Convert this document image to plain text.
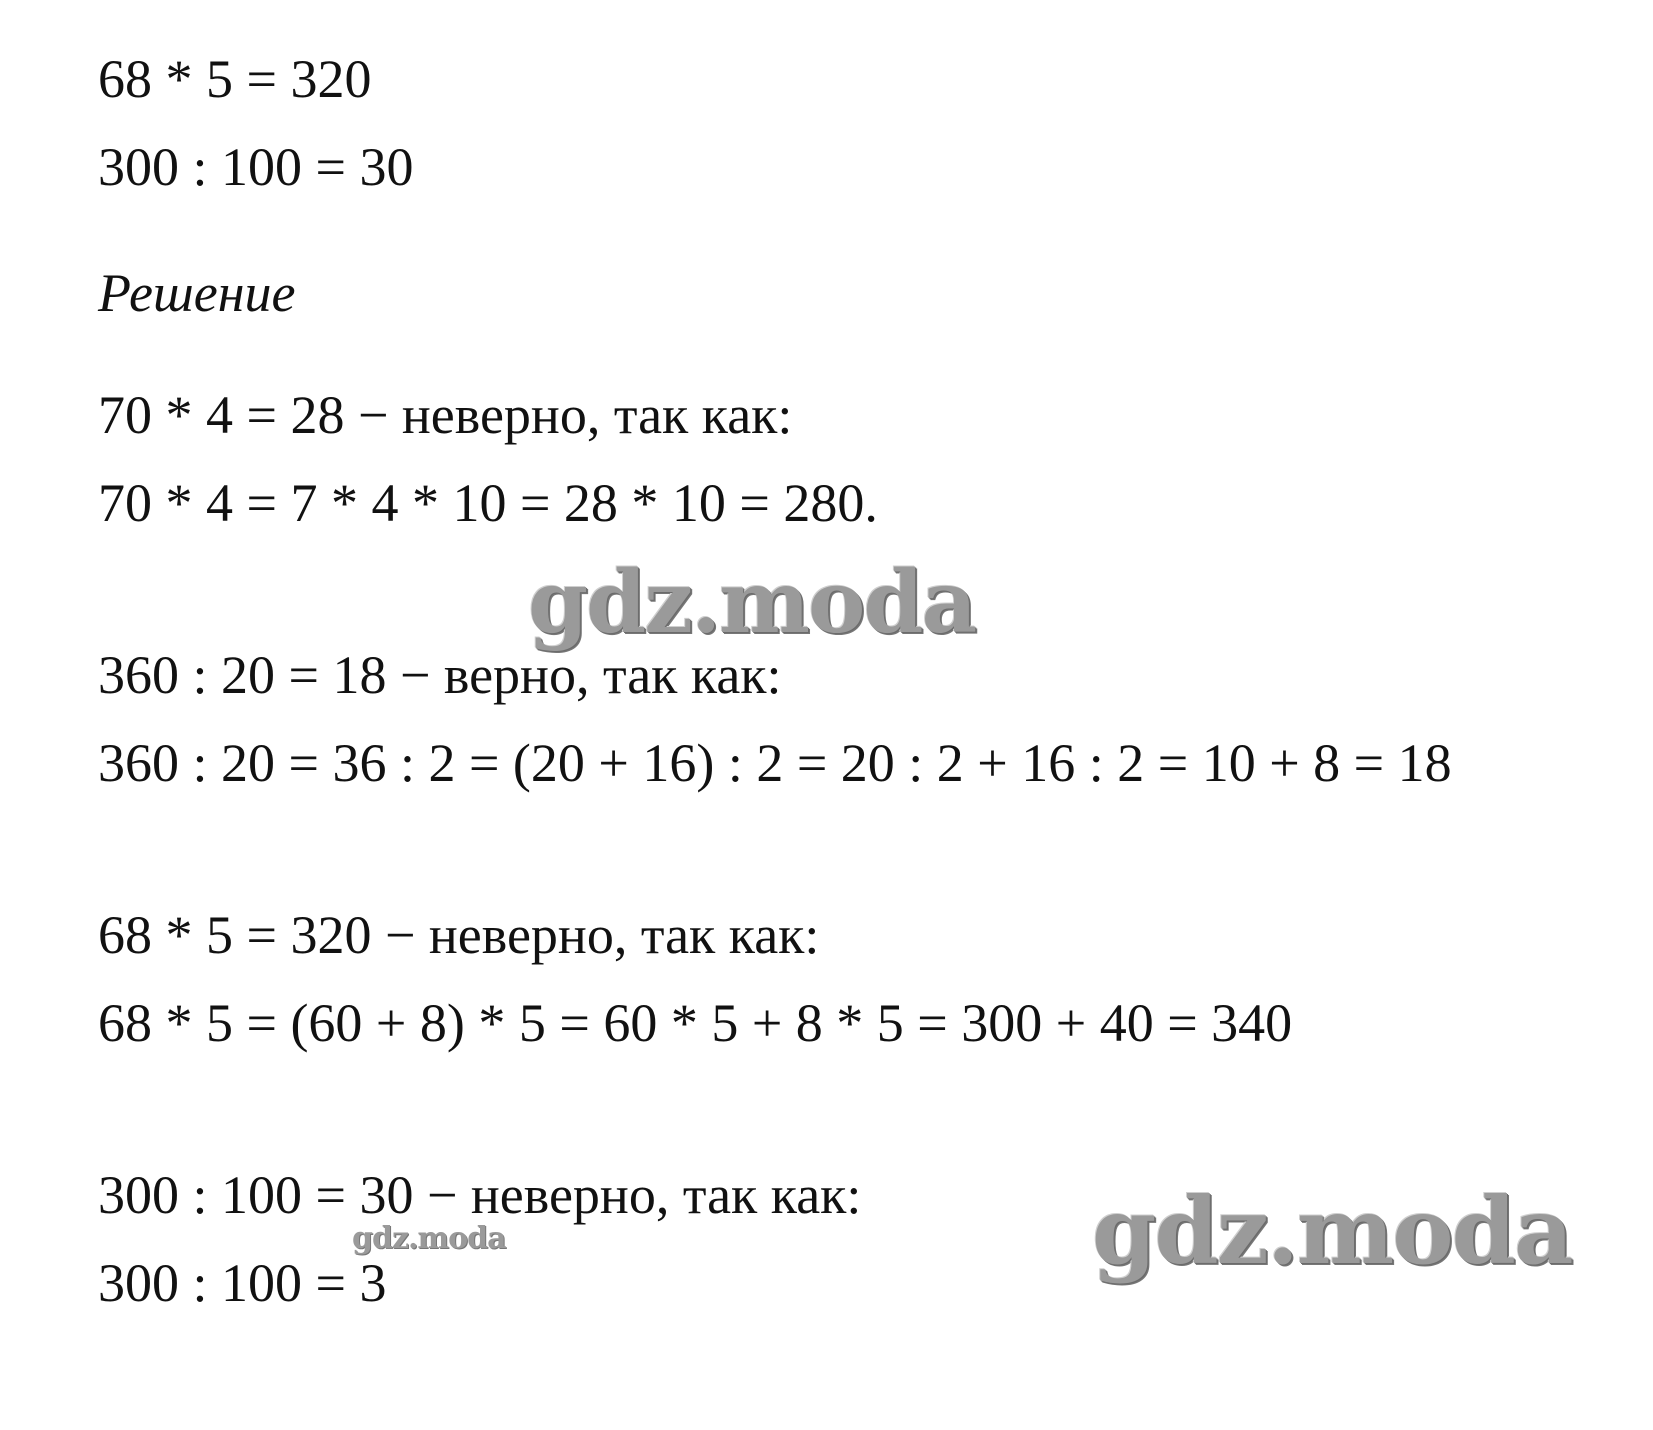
68 * 5 = 320
300 : 100 = 30
Решение
70 * 4 = 28 − неверно, так как:
70 * 4 = 7 * 4 * 10 = 28 * 10 = 280.
360 : 20 = 18 − верно, так как:
360 : 20 = 36 : 2 = (20 + 16) : 2 = 20 : 2 + 16 : 2 = 10 + 8 = 18
68 * 5 = 320 − неверно, так как:
68 * 5 = (60 + 8) * 5 = 60 * 5 + 8 * 5 = 300 + 40 = 340
300 : 100 = 30 − неверно, так как:
300 : 100 = 3
gdz.moda
gdz.moda
gdz.moda
